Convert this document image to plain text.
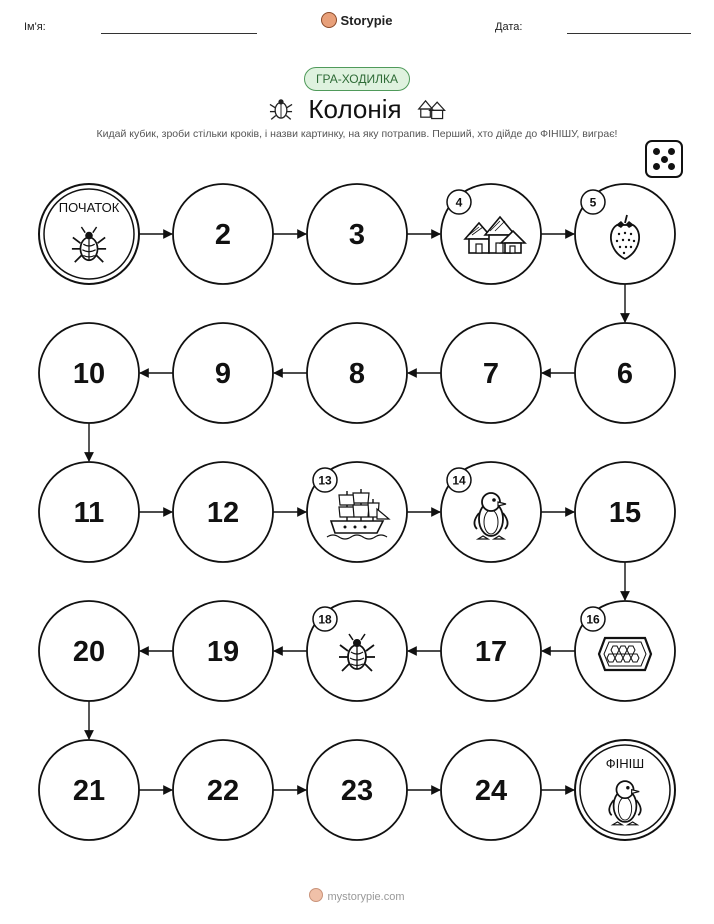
Ім'я:	Storypie	Дата:
ГРА-ХОДИЛКА
Колонія
Кидай кубик, зроби стільки кроків, і назви картинку, на яку потрапив. Перший, хто дійде до ФІНІШУ, виграє!
ПОЧАТОК
2	3
4	5
6
7
8
9
10
11	12
13	14
15
16
17
18
19
20
21	22	23	24
ФІНІШ
mystorypie.com
